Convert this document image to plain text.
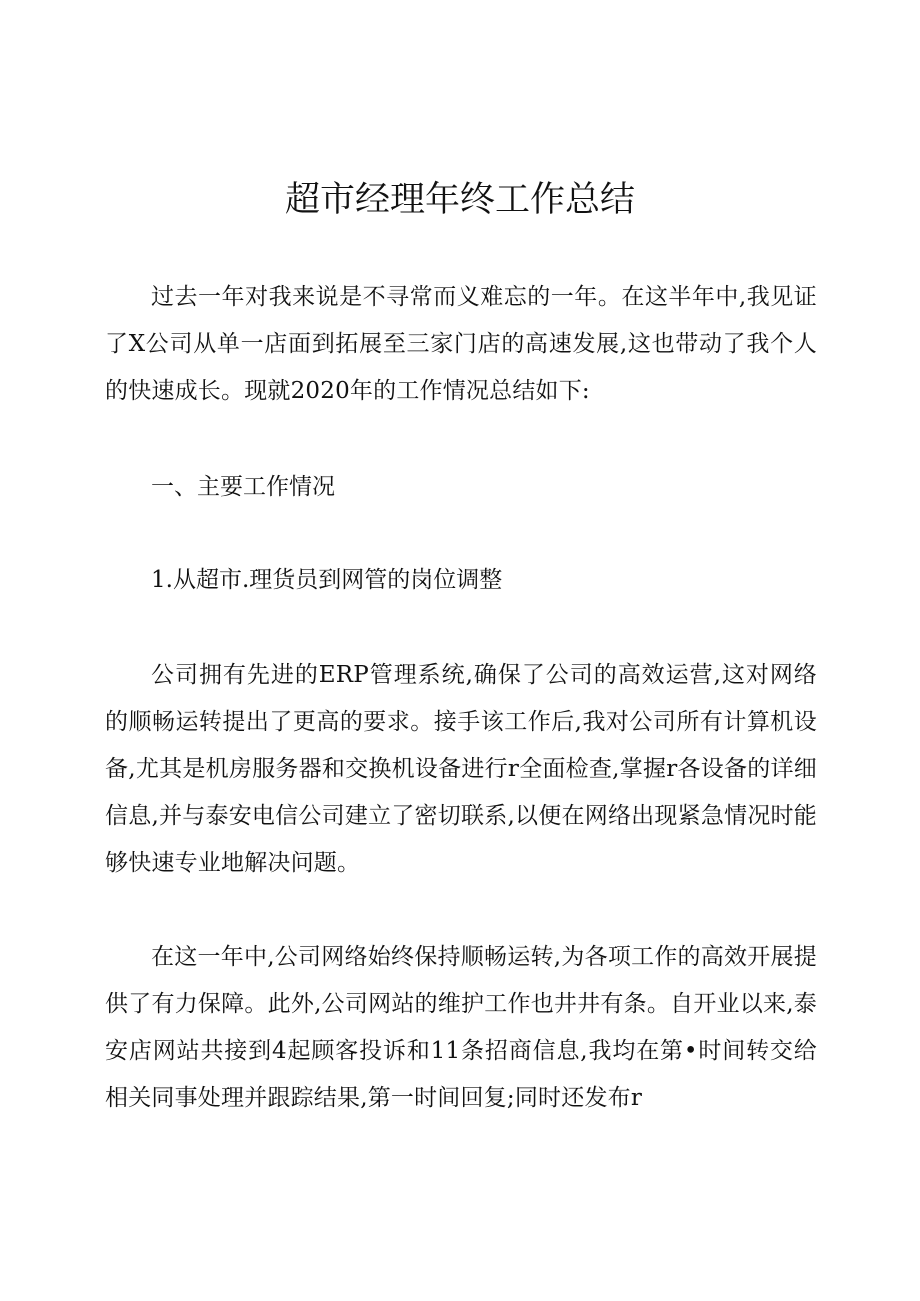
超市经理年终工作总结

过去一年对我来说是不寻常而义难忘的一年。在这半年中,我见证了X公司从单一店面到拓展至三家门店的高速发展,这也带动了我个人的快速成长。现就2020年的工作情况总结如下:

一、主要工作情况

1.从超市.理货员到网管的岗位调整

公司拥有先进的ERP管理系统,确保了公司的高效运营,这对网络的顺畅运转提出了更高的要求。接手该工作后,我对公司所有计算机设备,尤其是机房服务器和交换机设备进行r全面检查,掌握r各设备的详细信息,并与泰安电信公司建立了密切联系,以便在网络出现紧急情况时能够快速专业地解决问题。

在这一年中,公司网络始终保持顺畅运转,为各项工作的高效开展提供了有力保障。此外,公司网站的维护工作也井井有条。自开业以来,泰安店网站共接到4起顾客投诉和11条招商信息,我均在第•时间转交给相关同事处理并跟踪结果,第一时间回复;同时还发布r
